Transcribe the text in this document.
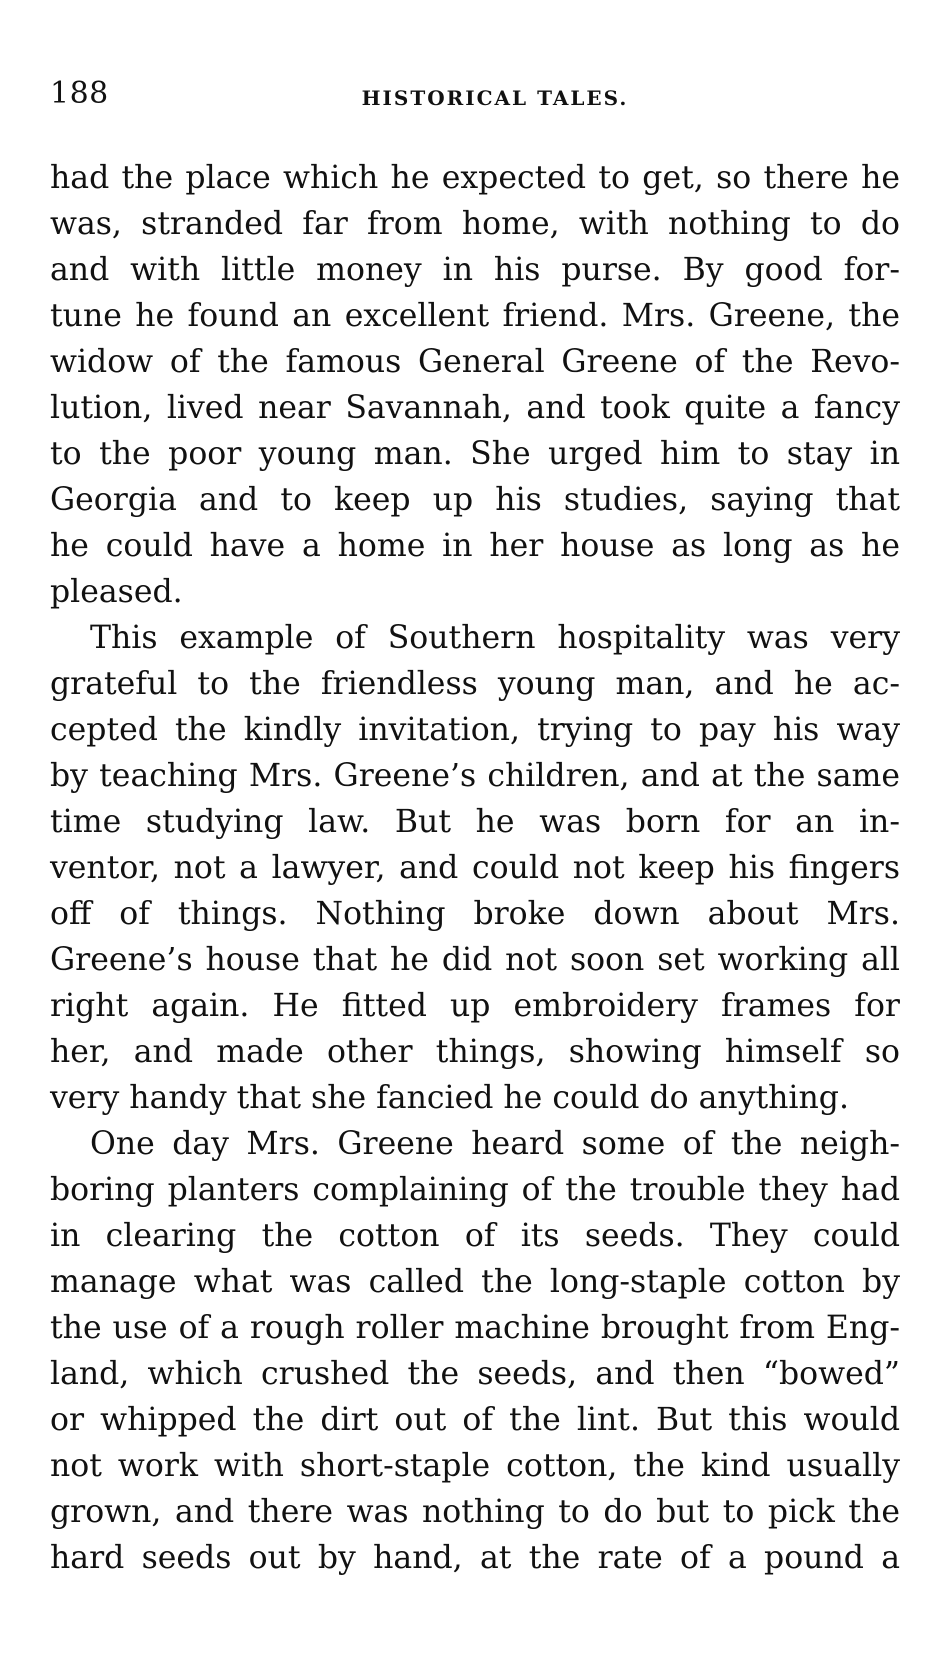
188	HISTORICAL TALES.
had the place which he expected to get, so there he
was, stranded far from home, with nothing to do
and with little money in his purse. By good for-
tune he found an excellent friend. Mrs. Greene, the
widow of the famous General Greene of the Revo-
lution, lived near Savannah, and took quite a fancy
to the poor young man. She urged him to stay in
Georgia and to keep up his studies, saying that
he could have a home in her house as long as he
pleased.
This example of Southern hospitality was very
grateful to the friendless young man, and he ac-
cepted the kindly invitation, trying to pay his way
by teaching Mrs. Greene’s children, and at the same
time studying law. But he was born for an in-
ventor, not a lawyer, and could not keep his fingers
off of things. Nothing broke down about Mrs.
Greene’s house that he did not soon set working all
right again. He fitted up embroidery frames for
her, and made other things, showing himself so
very handy that she fancied he could do anything.
One day Mrs. Greene heard some of the neigh-
boring planters complaining of the trouble they had
in clearing the cotton of its seeds. They could
manage what was called the long-staple cotton by
the use of a rough roller machine brought from Eng-
land, which crushed the seeds, and then “bowed”
or whipped the dirt out of the lint. But this would
not work with short-staple cotton, the kind usually
grown, and there was nothing to do but to pick the
hard seeds out by hand, at the rate of a pound a
